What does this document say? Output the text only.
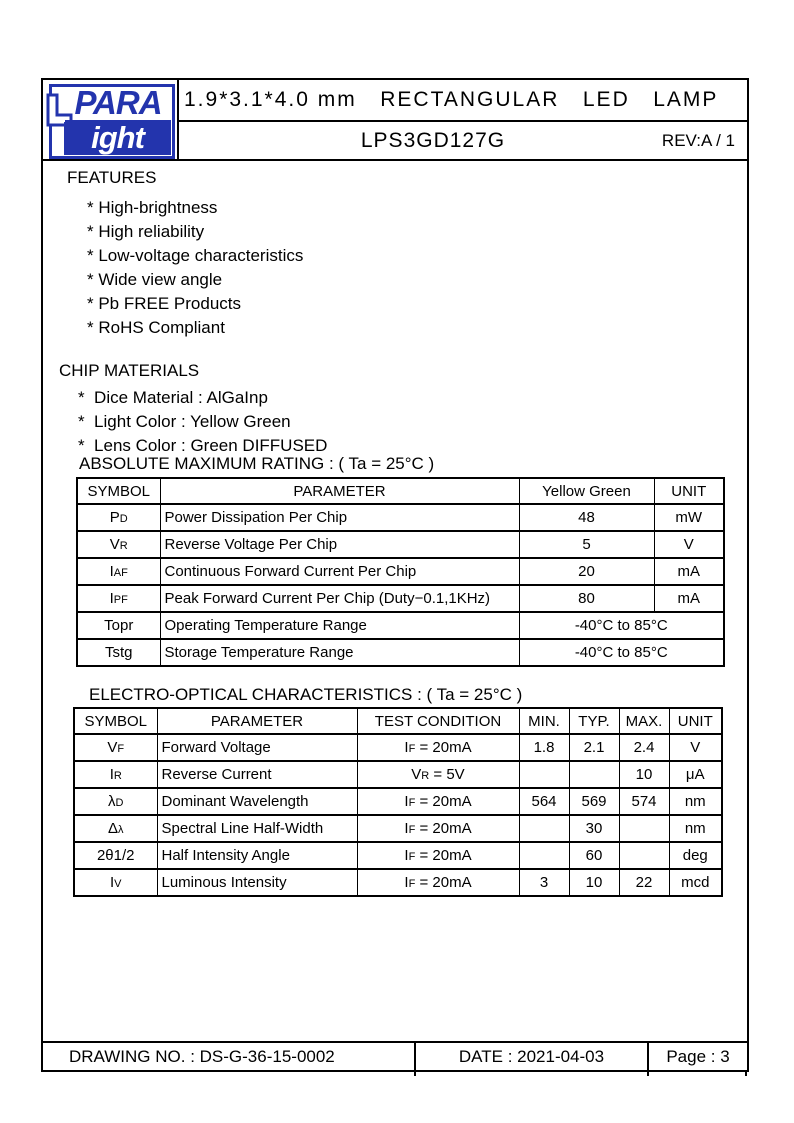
PARA
ight
1.9*3.1*4.0 mm   RECTANGULAR   LED   LAMP
LPS3GD127G	REV:A / 1
FEATURES
* High-brightness
* High reliability
* Low-voltage characteristics
* Wide view angle
* Pb FREE Products
* RoHS Compliant
CHIP MATERIALS
*  Dice Material : AlGaInp
*  Light Color : Yellow Green
*  Lens Color : Green DIFFUSED
ABSOLUTE MAXIMUM RATING : ( Ta = 25°C )
SYMBOL	PARAMETER	Yellow Green	UNIT
PD	Power Dissipation Per Chip	48	mW
VR	Reverse Voltage Per Chip	5	V
IAF	Continuous Forward Current Per Chip	20	mA
IPF	Peak Forward Current Per Chip (Duty−0.1,1KHz)	80	mA
Topr	Operating Temperature Range	-40°C to 85°C	
Tstg	Storage Temperature Range	-40°C to 85°C	
ELECTRO-OPTICAL CHARACTERISTICS : ( Ta = 25°C )
SYMBOL	PARAMETER	TEST CONDITION	MIN.	TYP.	MAX.	UNIT
VF	Forward Voltage	IF = 20mA	1.8	2.1	2.4	V
IR	Reverse Current	VR = 5V			10	μA
λD	Dominant Wavelength	IF = 20mA	564	569	574	nm
Δλ	Spectral Line Half-Width	IF = 20mA		30		nm
2θ1/2	Half Intensity Angle	IF = 20mA		60		deg
IV	Luminous Intensity	IF = 20mA	3	10	22	mcd
DRAWING NO. : DS-G-36-15-0002	DATE : 2021-04-03	Page : 3
